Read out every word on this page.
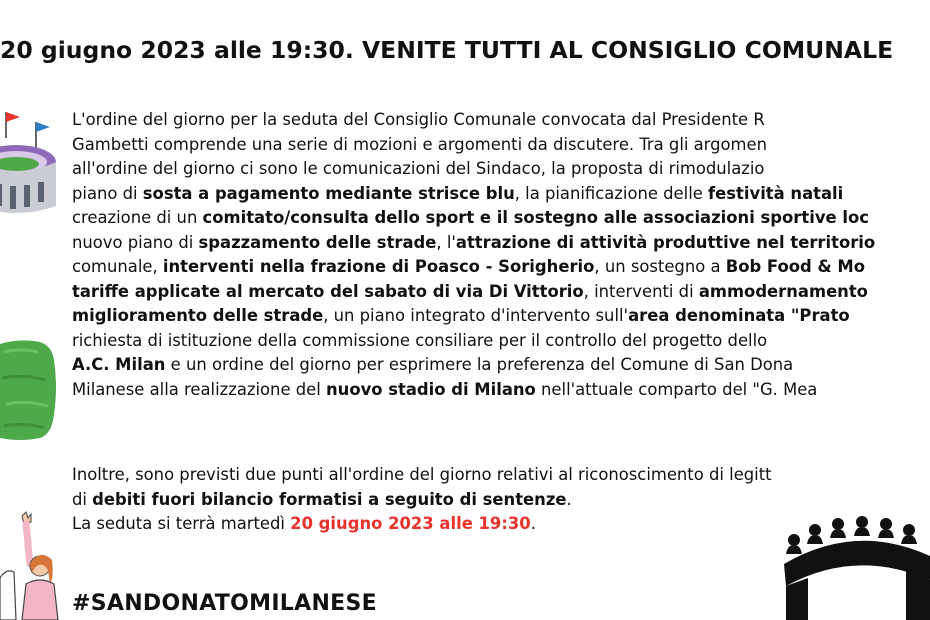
20 giugno 2023 alle 19:30. VENITE TUTTI AL CONSIGLIO COMUNALE
L'ordine del giorno per la seduta del Consiglio Comunale convocata dal Presidente R
Gambetti comprende una serie di mozioni e argomenti da discutere. Tra gli argomen
all'ordine del giorno ci sono le comunicazioni del Sindaco, la proposta di rimodulazio
piano di sosta a pagamento mediante strisce blu, la pianificazione delle festività natali
creazione di un comitato/consulta dello sport e il sostegno alle associazioni sportive loc
nuovo piano di spazzamento delle strade, l'attrazione di attività produttive nel territorio
comunale, interventi nella frazione di Poasco - Sorigherio, un sostegno a Bob Food & Mo
tariffe applicate al mercato del sabato di via Di Vittorio, interventi di ammodernamento
miglioramento delle strade, un piano integrato d'intervento sull'area denominata "Prato
richiesta di istituzione della commissione consiliare per il controllo del progetto dello
A.C. Milan e un ordine del giorno per esprimere la preferenza del Comune di San Dona
Milanese alla realizzazione del nuovo stadio di Milano nell'attuale comparto del "G. Mea
Inoltre, sono previsti due punti all'ordine del giorno relativi al riconoscimento di legitt
di debiti fuori bilancio formatisi a seguito di sentenze.
La seduta si terrà martedì 20 giugno 2023 alle 19:30.
#SANDONATOMILANESE
